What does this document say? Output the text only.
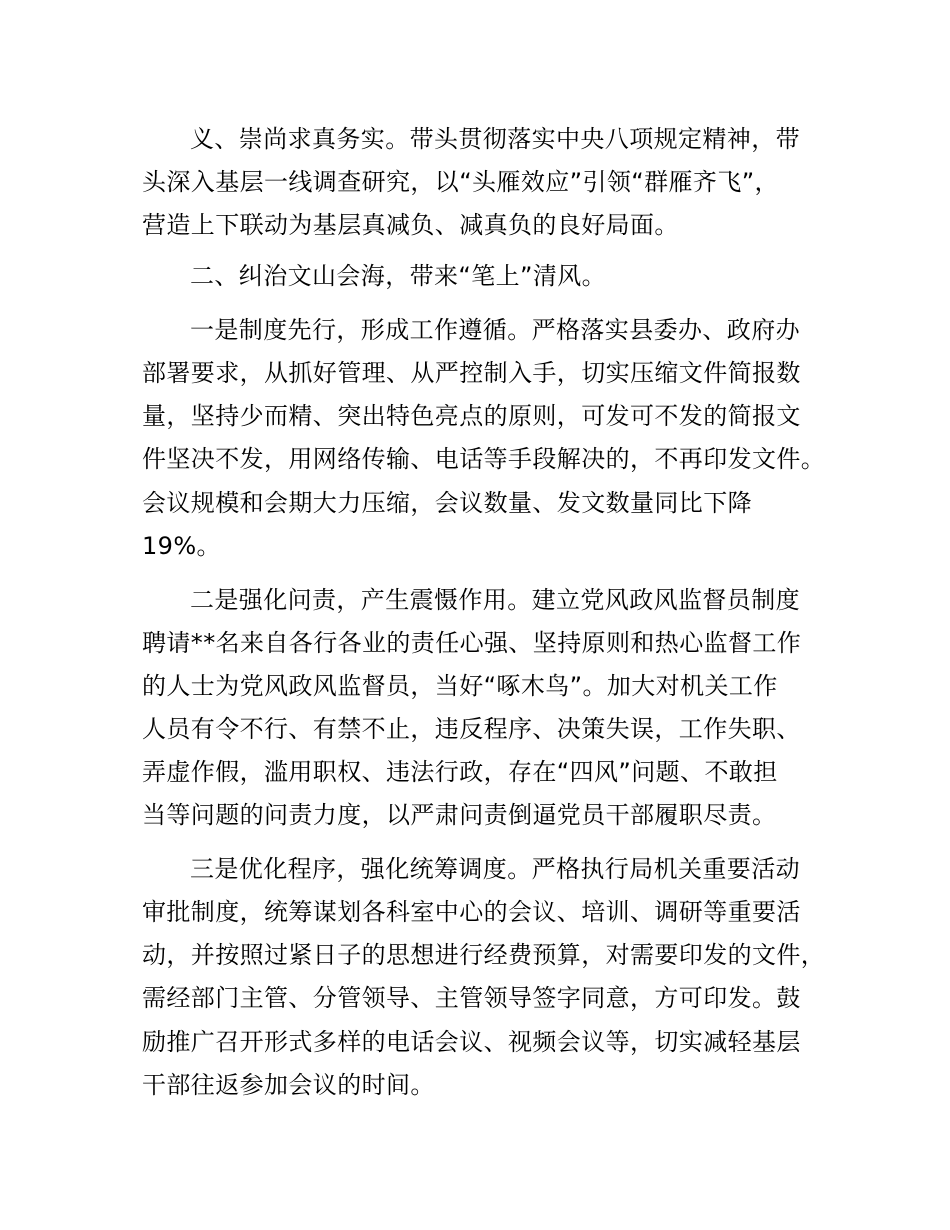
义、崇尚求真务实。带头贯彻落实中央八项规定精神，带
头深入基层一线调查研究，以“头雁效应”引领“群雁齐飞”，
营造上下联动为基层真减负、减真负的良好局面。
二、纠治文山会海，带来“笔上”清风。
一是制度先行，形成工作遵循。严格落实县委办、政府办
部署要求，从抓好管理、从严控制入手，切实压缩文件简报数
量，坚持少而精、突出特色亮点的原则，可发可不发的简报文
件坚决不发，用网络传输、电话等手段解决的，不再印发文件。
会议规模和会期大力压缩，会议数量、发文数量同比下降
19%。
二是强化问责，产生震慑作用。建立党风政风监督员制度
聘请**名来自各行各业的责任心强、坚持原则和热心监督工作
的人士为党风政风监督员，当好“啄木鸟”。加大对机关工作
人员有令不行、有禁不止，违反程序、决策失误，工作失职、
弄虚作假，滥用职权、违法行政，存在“四风”问题、不敢担
当等问题的问责力度，以严肃问责倒逼党员干部履职尽责。
三是优化程序，强化统筹调度。严格执行局机关重要活动
审批制度，统筹谋划各科室中心的会议、培训、调研等重要活
动，并按照过紧日子的思想进行经费预算，对需要印发的文件，
需经部门主管、分管领导、主管领导签字同意，方可印发。鼓
励推广召开形式多样的电话会议、视频会议等，切实减轻基层
干部往返参加会议的时间。
